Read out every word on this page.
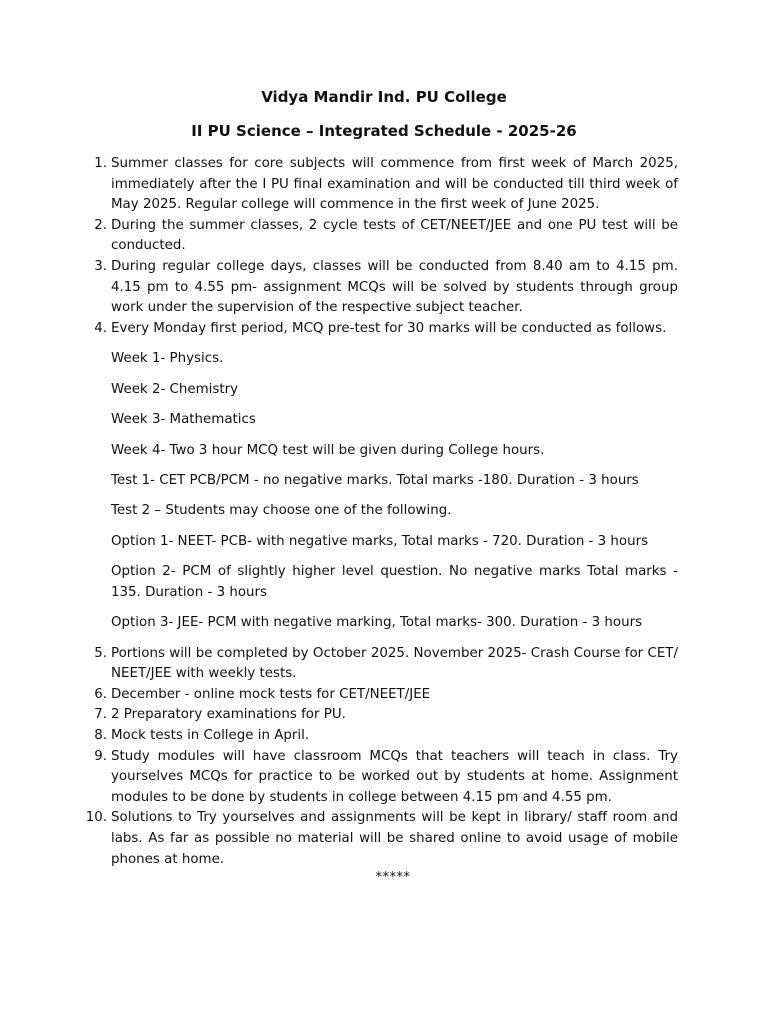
Vidya Mandir Ind. PU College
II PU Science – Integrated Schedule - 2025-26
1. Summer classes for core subjects will commence from first week of March 2025, immediately after the I PU final examination and will be conducted till third week of May 2025. Regular college will commence in the first week of June 2025.
2. During the summer classes, 2 cycle tests of CET/NEET/JEE and one PU test will be conducted.
3. During regular college days, classes will be conducted from 8.40 am to 4.15 pm. 4.15 pm to 4.55 pm- assignment MCQs will be solved by students through group work under the supervision of the respective subject teacher.
4. Every Monday first period, MCQ pre-test for 30 marks will be conducted as follows.

Week 1- Physics.

Week 2- Chemistry

Week 3- Mathematics

Week 4- Two 3 hour MCQ test will be given during College hours.

Test 1- CET PCB/PCM - no negative marks. Total marks -180. Duration - 3 hours

Test 2 – Students may choose one of the following.

Option 1- NEET- PCB- with negative marks, Total marks - 720. Duration - 3 hours

Option 2- PCM of slightly higher level question. No negative marks Total marks - 135. Duration - 3 hours

Option 3- JEE- PCM with negative marking, Total marks- 300. Duration - 3 hours

5. Portions will be completed by October 2025. November 2025- Crash Course for CET/ NEET/JEE with weekly tests.
6. December - online mock tests for CET/NEET/JEE
7. 2 Preparatory examinations for PU.
8. Mock tests in College in April.
9. Study modules will have classroom MCQs that teachers will teach in class. Try yourselves MCQs for practice to be worked out by students at home. Assignment modules to be done by students in college between 4.15 pm and 4.55 pm.
10. Solutions to Try yourselves and assignments will be kept in library/ staff room and labs. As far as possible no material will be shared online to avoid usage of mobile phones at home.
*****
